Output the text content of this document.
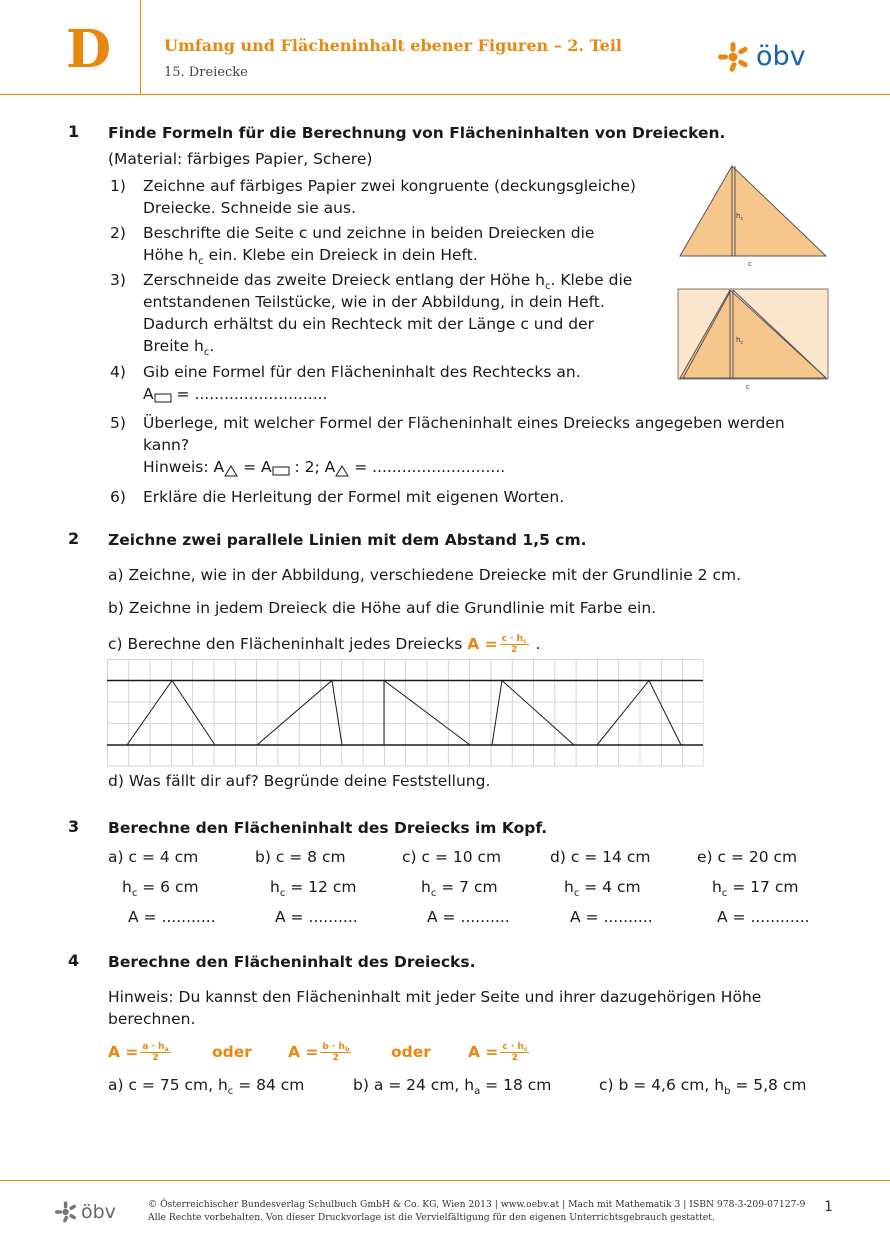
D	Umfang und Flächeninhalt ebener Figuren – 2. Teil
15. Dreiecke
öbv
1 Finde Formeln für die Berechnung von Flächeninhalten von Dreiecken.
(Material: färbiges Papier, Schere)
1) Zeichne auf färbiges Papier zwei kongruente (deckungsgleiche)
Dreiecke. Schneide sie aus.
2) Beschrifte die Seite c und zeichne in beiden Dreiecken die
Höhe $h_c$ ein. Klebe ein Dreieck in dein Heft.
3) Zerschneide das zweite Dreieck entlang der Höhe $h_c$. Klebe die
entstandenen Teilstücke, wie in der Abbildung, in dein Heft.
Dadurch erhältst du ein Rechteck mit der Länge c und der
Breite $h_c$.
4) Gib eine Formel für den Flächeninhalt des Rechtecks an.
A = ...........................
5) Überlege, mit welcher Formel der Flächeninhalt eines Dreiecks angegeben werden
kann?
Hinweis: A = A : 2; A = ...........................
6) Erkläre die Herleitung der Formel mit eigenen Worten.
$h_c$
c
$h_c$
c
2 Zeichne zwei parallele Linien mit dem Abstand 1,5 cm.
a) Zeichne, wie in der Abbildung, verschiedene Dreiecke mit der Grundlinie 2 cm.
b) Zeichne in jedem Dreieck die Höhe auf die Grundlinie mit Farbe ein.
c) Berechne den Flächeninhalt jedes Dreiecks $A = \frac{c \cdot h_c}{2}$ .
d) Was fällt dir auf? Begründe deine Feststellung.
3 Berechne den Flächeninhalt des Dreiecks im Kopf.
a) c = 4 cm	b) c = 8 cm	c) c = 10 cm	d) c = 14 cm	e) c = 20 cm
$h_c = 6$ cm	$h_c = 12$ cm	$h_c = 7$ cm	$h_c = 4$ cm	$h_c = 17$ cm
A = ...........	A = ..........	A = ..........	A = ..........	A = ............
4 Berechne den Flächeninhalt des Dreiecks.
Hinweis: Du kannst den Flächeninhalt mit jeder Seite und ihrer dazugehörigen Höhe
berechnen.
$A = \frac{a \cdot h_a}{2}$	oder $A = \frac{b \cdot h_b}{2}$	oder $A = \frac{c \cdot h_c}{2}$
a) c = 75 cm, $h_c = 84$ cm	b) a = 24 cm, $h_a = 18$ cm	c) b = 4,6 cm, $h_b = 5,8$ cm
öbv	© Österreichischer Bundesverlag Schulbuch GmbH & Co. KG, Wien 2013 | www.oebv.at | Mach mit Mathematik 3 | ISBN 978-3-209-07127-9
Alle Rechte vorbehalten. Von dieser Druckvorlage ist die Vervielfältigung für den eigenen Unterrichtsgebrauch gestattet.
1
